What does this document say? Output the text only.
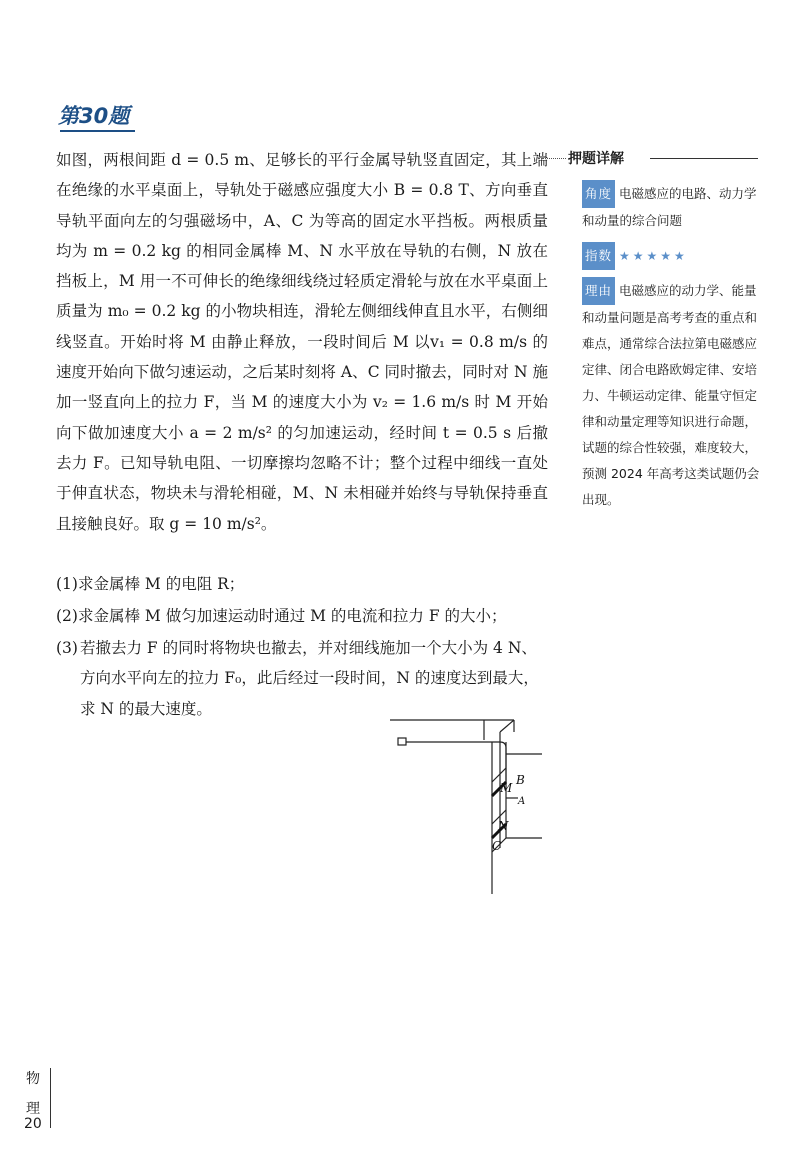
第30题

如图，两根间距 d = 0.5 m、足够长的平行金属导轨竖直固定，其上端在绝缘的水平桌面上，导轨处于磁感应强度大小 B = 0.8 T、方向垂直导轨平面向左的匀强磁场中，A、C 为等高的固定水平挡板。两根质量均为 m = 0.2 kg 的相同金属棒 M、N 水平放在导轨的右侧，N 放在挡板上，M 用一不可伸长的绝缘细线绕过轻质定滑轮与放在水平桌面上质量为 m₀ = 0.2 kg 的小物块相连，滑轮左侧细线伸直且水平，右侧细线竖直。开始时将 M 由静止释放，一段时间后 M 以v₁ = 0.8 m/s 的速度开始向下做匀速运动，之后某时刻将 A、C 同时撤去，同时对 N 施加一竖直向上的拉力 F，当 M 的速度大小为 v₂ = 1.6 m/s 时 M 开始向下做加速度大小 a = 2 m/s² 的匀加速运动，经时间 t = 0.5 s 后撤去力 F。已知导轨电阻、一切摩擦均忽略不计；整个过程中细线一直处于伸直状态，物块未与滑轮相碰，M、N 未相碰并始终与导轨保持垂直且接触良好。取 g = 10 m/s²。

(1)求金属棒 M 的电阻 R；
(2)求金属棒 M 做匀加速运动时通过 M 的电流和拉力 F 的大小；
(3) 若撤去力 F 的同时将物块也撤去，并对细线施加一个大小为 4 N、方向水平向左的拉力 F₀，此后经过一段时间，N 的速度达到最大，求 N 的最大速度。
押题详解
角度 电磁感应的电路、动力学和动量的综合问题
指数 ★★★★★
理由 电磁感应的动力学、能量和动量问题是高考考查的重点和难点，通常综合法拉第电磁感应定律、闭合电路欧姆定律、安培力、牛顿运动定律、能量守恒定律和动量定理等知识进行命题，试题的综合性较强，难度较大，预测 2024 年高考这类试题仍会出现。
B
M
A
N
C
物
理
20
